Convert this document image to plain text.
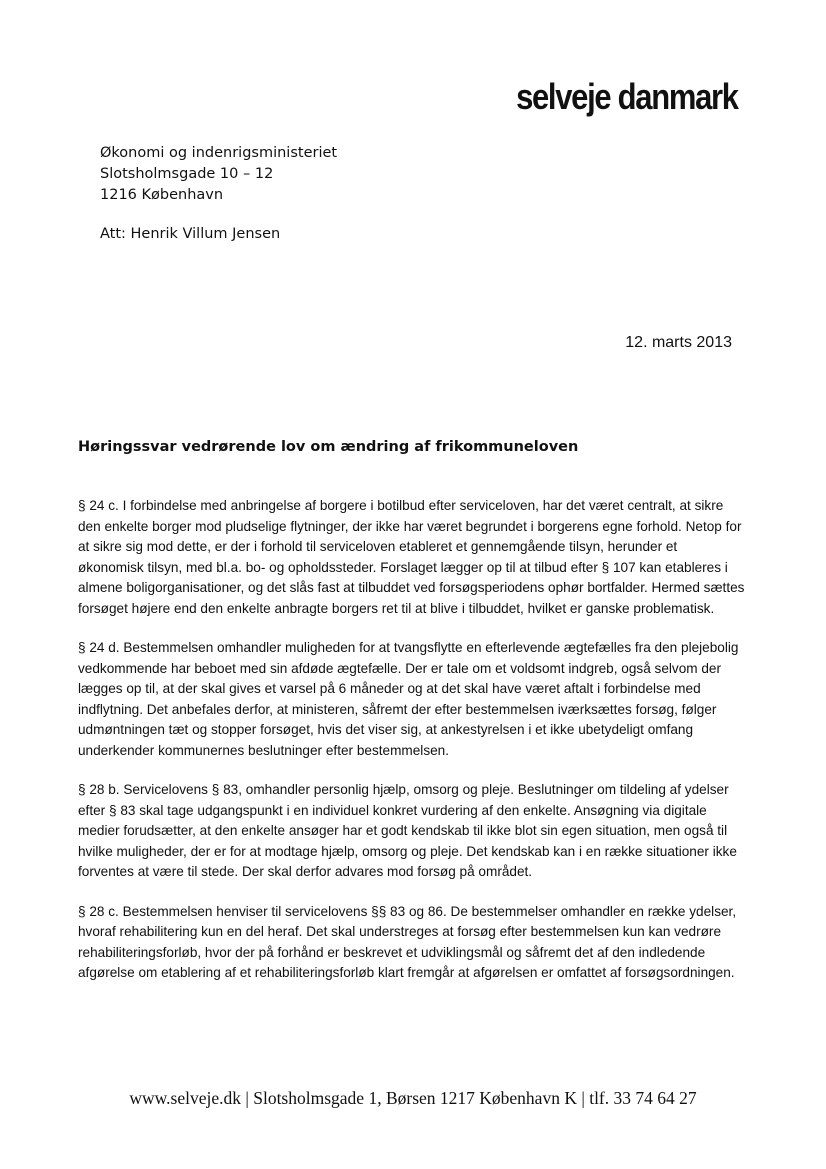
selveje danmark
Økonomi og indenrigsministeriet
Slotsholmsgade 10 – 12
1216 København
Att: Henrik Villum Jensen
12. marts 2013
Høringssvar vedrørende lov om ændring af frikommuneloven

§ 24 c. I forbindelse med anbringelse af borgere i botilbud efter serviceloven, har det været centralt, at sikre den enkelte borger mod pludselige flytninger, der ikke har været begrundet i borgerens egne forhold. Netop for at sikre sig mod dette, er der i forhold til serviceloven etableret et gennemgående tilsyn, herunder et økonomisk tilsyn, med bl.a. bo- og opholdssteder. Forslaget lægger op til at tilbud efter § 107 kan etableres i almene boligorganisationer, og det slås fast at tilbuddet ved forsøgsperiodens ophør bortfalder. Hermed sættes forsøget højere end den enkelte anbragte borgers ret til at blive i tilbuddet, hvilket er ganske problematisk.

§ 24 d. Bestemmelsen omhandler muligheden for at tvangsflytte en efterlevende ægtefælles fra den plejebolig vedkommende har beboet med sin afdøde ægtefælle. Der er tale om et voldsomt indgreb, også selvom der lægges op til, at der skal gives et varsel på 6 måneder og at det skal have været aftalt i forbindelse med indflytning. Det anbefales derfor, at ministeren, såfremt der efter bestemmelsen iværksættes forsøg, følger udmøntningen tæt og stopper forsøget, hvis det viser sig, at ankestyrelsen i et ikke ubetydeligt omfang underkender kommunernes beslutninger efter bestemmelsen.

§ 28 b. Servicelovens § 83, omhandler personlig hjælp, omsorg og pleje. Beslutninger om tildeling af ydelser efter § 83 skal tage udgangspunkt i en individuel konkret vurdering af den enkelte. Ansøgning via digitale medier forudsætter, at den enkelte ansøger har et godt kendskab til ikke blot sin egen situation, men også til hvilke muligheder, der er for at modtage hjælp, omsorg og pleje. Det kendskab kan i en række situationer ikke forventes at være til stede. Der skal derfor advares mod forsøg på området.

§ 28 c. Bestemmelsen henviser til servicelovens §§ 83 og 86. De bestemmelser omhandler en række ydelser, hvoraf rehabilitering kun en del heraf. Det skal understreges at forsøg efter bestemmelsen kun kan vedrøre rehabiliteringsforløb, hvor der på forhånd er beskrevet et udviklingsmål og såfremt det af den indledende afgørelse om etablering af et rehabiliteringsforløb klart fremgår at afgørelsen er omfattet af forsøgsordningen.

www.selveje.dk | Slotsholmsgade 1, Børsen 1217 København K | tlf. 33 74 64 27
